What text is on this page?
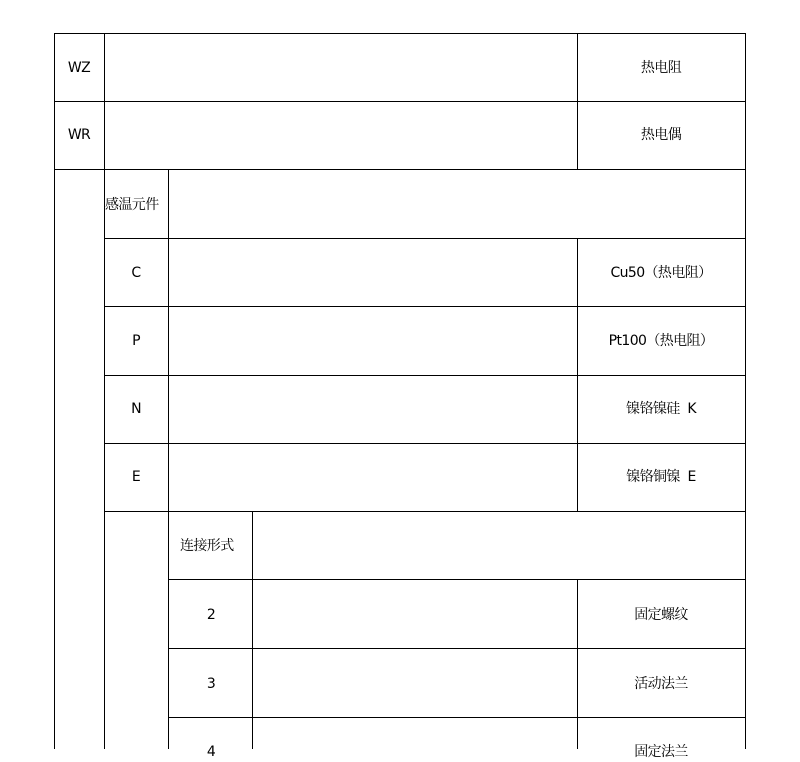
WZ	热电阻
WR	热电偶
感温元件
C	Cu50（热电阻）
P	Pt100（热电阻）
N	镍铬镍硅  K
E	镍铬铜镍  E
连接形式
2	固定螺纹
3	活动法兰
4	固定法兰
